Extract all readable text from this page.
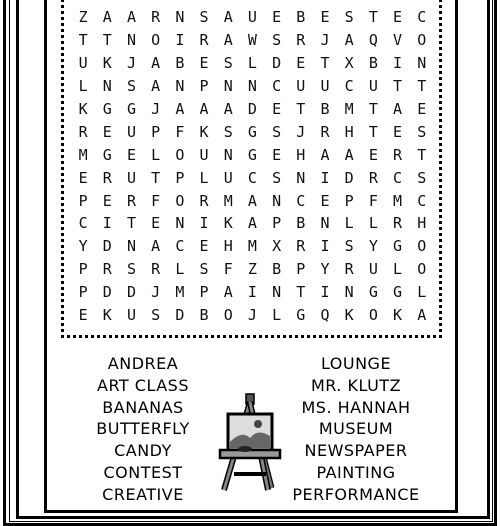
Z	A	A	R	N	S	A	U	E	B	E	S	T	E	C
T	T	N	O	I	R	A	W	S	R	J	A	Q	V	O
U	K	J	A	B	E	S	L	D	E	T	X	B	I	N
L	N	S	A	N	P	N	N	C	U	U	C	U	T	T
K	G	G	J	A	A	A	D	E	T	B	M	T	A	E
R	E	U	P	F	K	S	G	S	J	R	H	T	E	S
M	G	E	L	O	U	N	G	E	H	A	A	E	R	T
E	R	U	T	P	L	U	C	S	N	I	D	R	C	S
P	E	R	F	O	R	M	A	N	C	E	P	F	M	C
C	I	T	E	N	I	K	A	P	B	N	L	L	R	H
Y	D	N	A	C	E	H	M	X	R	I	S	Y	G	O
P	R	S	R	L	S	F	Z	B	P	Y	R	U	L	O
P	D	D	J	M	P	A	I	N	T	I	N	G	G	L
E	K	U	S	D	B	O	J	L	G	Q	K	O	K	A
ANDREA
ART CLASS
BANANAS
BUTTERFLY
CANDY
CONTEST
CREATIVE
LOUNGE
MR. KLUTZ
MS. HANNAH
MUSEUM
NEWSPAPER
PAINTING
PERFORMANCE
